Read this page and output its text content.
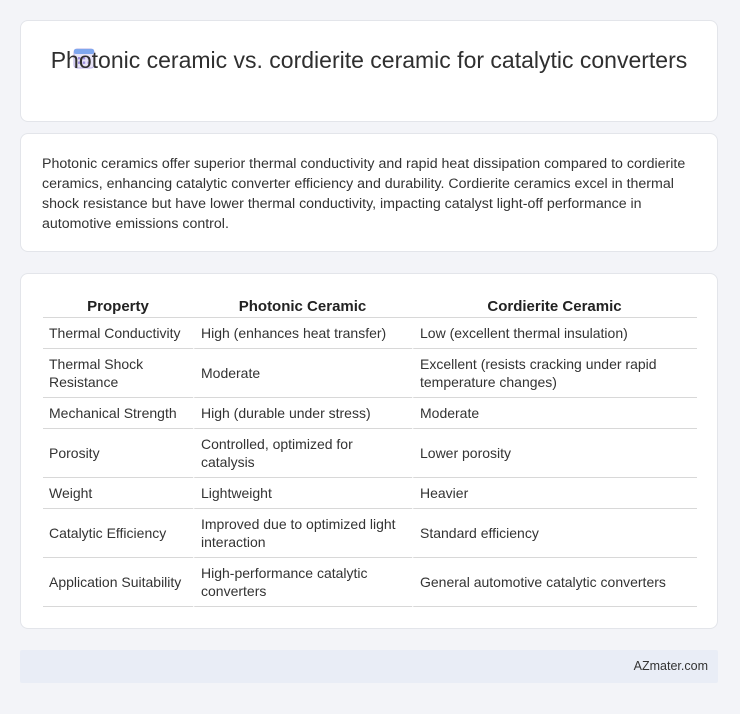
Photonic ceramic vs. cordierite ceramic for catalytic converters
Photonic ceramics offer superior thermal conductivity and rapid heat dissipation compared to cordierite ceramics, enhancing catalytic converter efficiency and durability. Cordierite ceramics excel in thermal shock resistance but have lower thermal conductivity, impacting catalyst light-off performance in automotive emissions control.
Property	Photonic Ceramic	Cordierite Ceramic
Thermal Conductivity	High (enhances heat transfer)	Low (excellent thermal insulation)
Thermal Shock Resistance	Moderate	Excellent (resists cracking under rapid temperature changes)
Mechanical Strength	High (durable under stress)	Moderate
Porosity	Controlled, optimized for catalysis	Lower porosity
Weight	Lightweight	Heavier
Catalytic Efficiency	Improved due to optimized light interaction	Standard efficiency
Application Suitability	High-performance catalytic converters	General automotive catalytic converters
AZmater.com
